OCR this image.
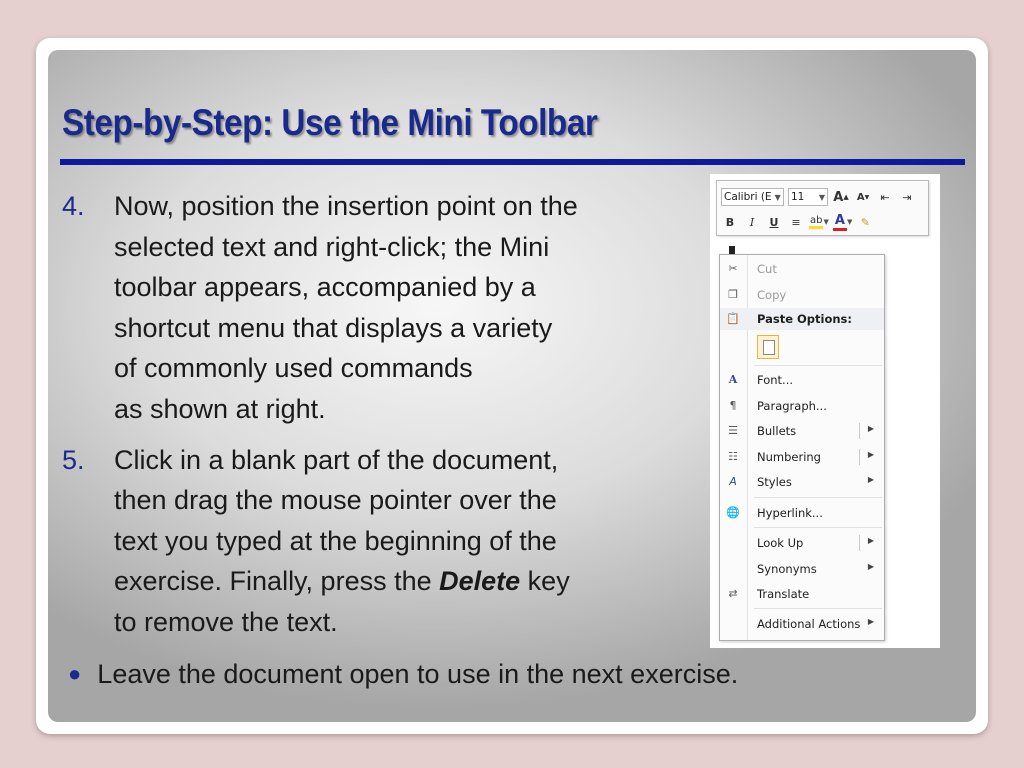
Step-by-Step: Use the Mini Toolbar
4. Now, position the insertion point on the
selected text and right-click; the Mini
toolbar appears, accompanied by a
shortcut menu that displays a variety
of commonly used commands
as shown at right.
5. Click in a blank part of the document,
then drag the mouse pointer over the
text you typed at the beginning of the
exercise. Finally, press the Delete key
to remove the text.
● Leave the document open to use in the next exercise.
Calibri (E ▼ 11 ▼ A ▲ A ▼ ⇤ ⇥
B	I	U	≡ ab ▼ A ▼ ✎
✂ Cut
❐ Copy
📋 Paste Options:
A	Font...
¶	Paragraph...
☰ Bullets	▶
☷ Numbering	▶
A	Styles	▶
🌐 Hyperlink...
Look Up	▶
Synonyms	▶
⇄ Translate
Additional Actions ▶
